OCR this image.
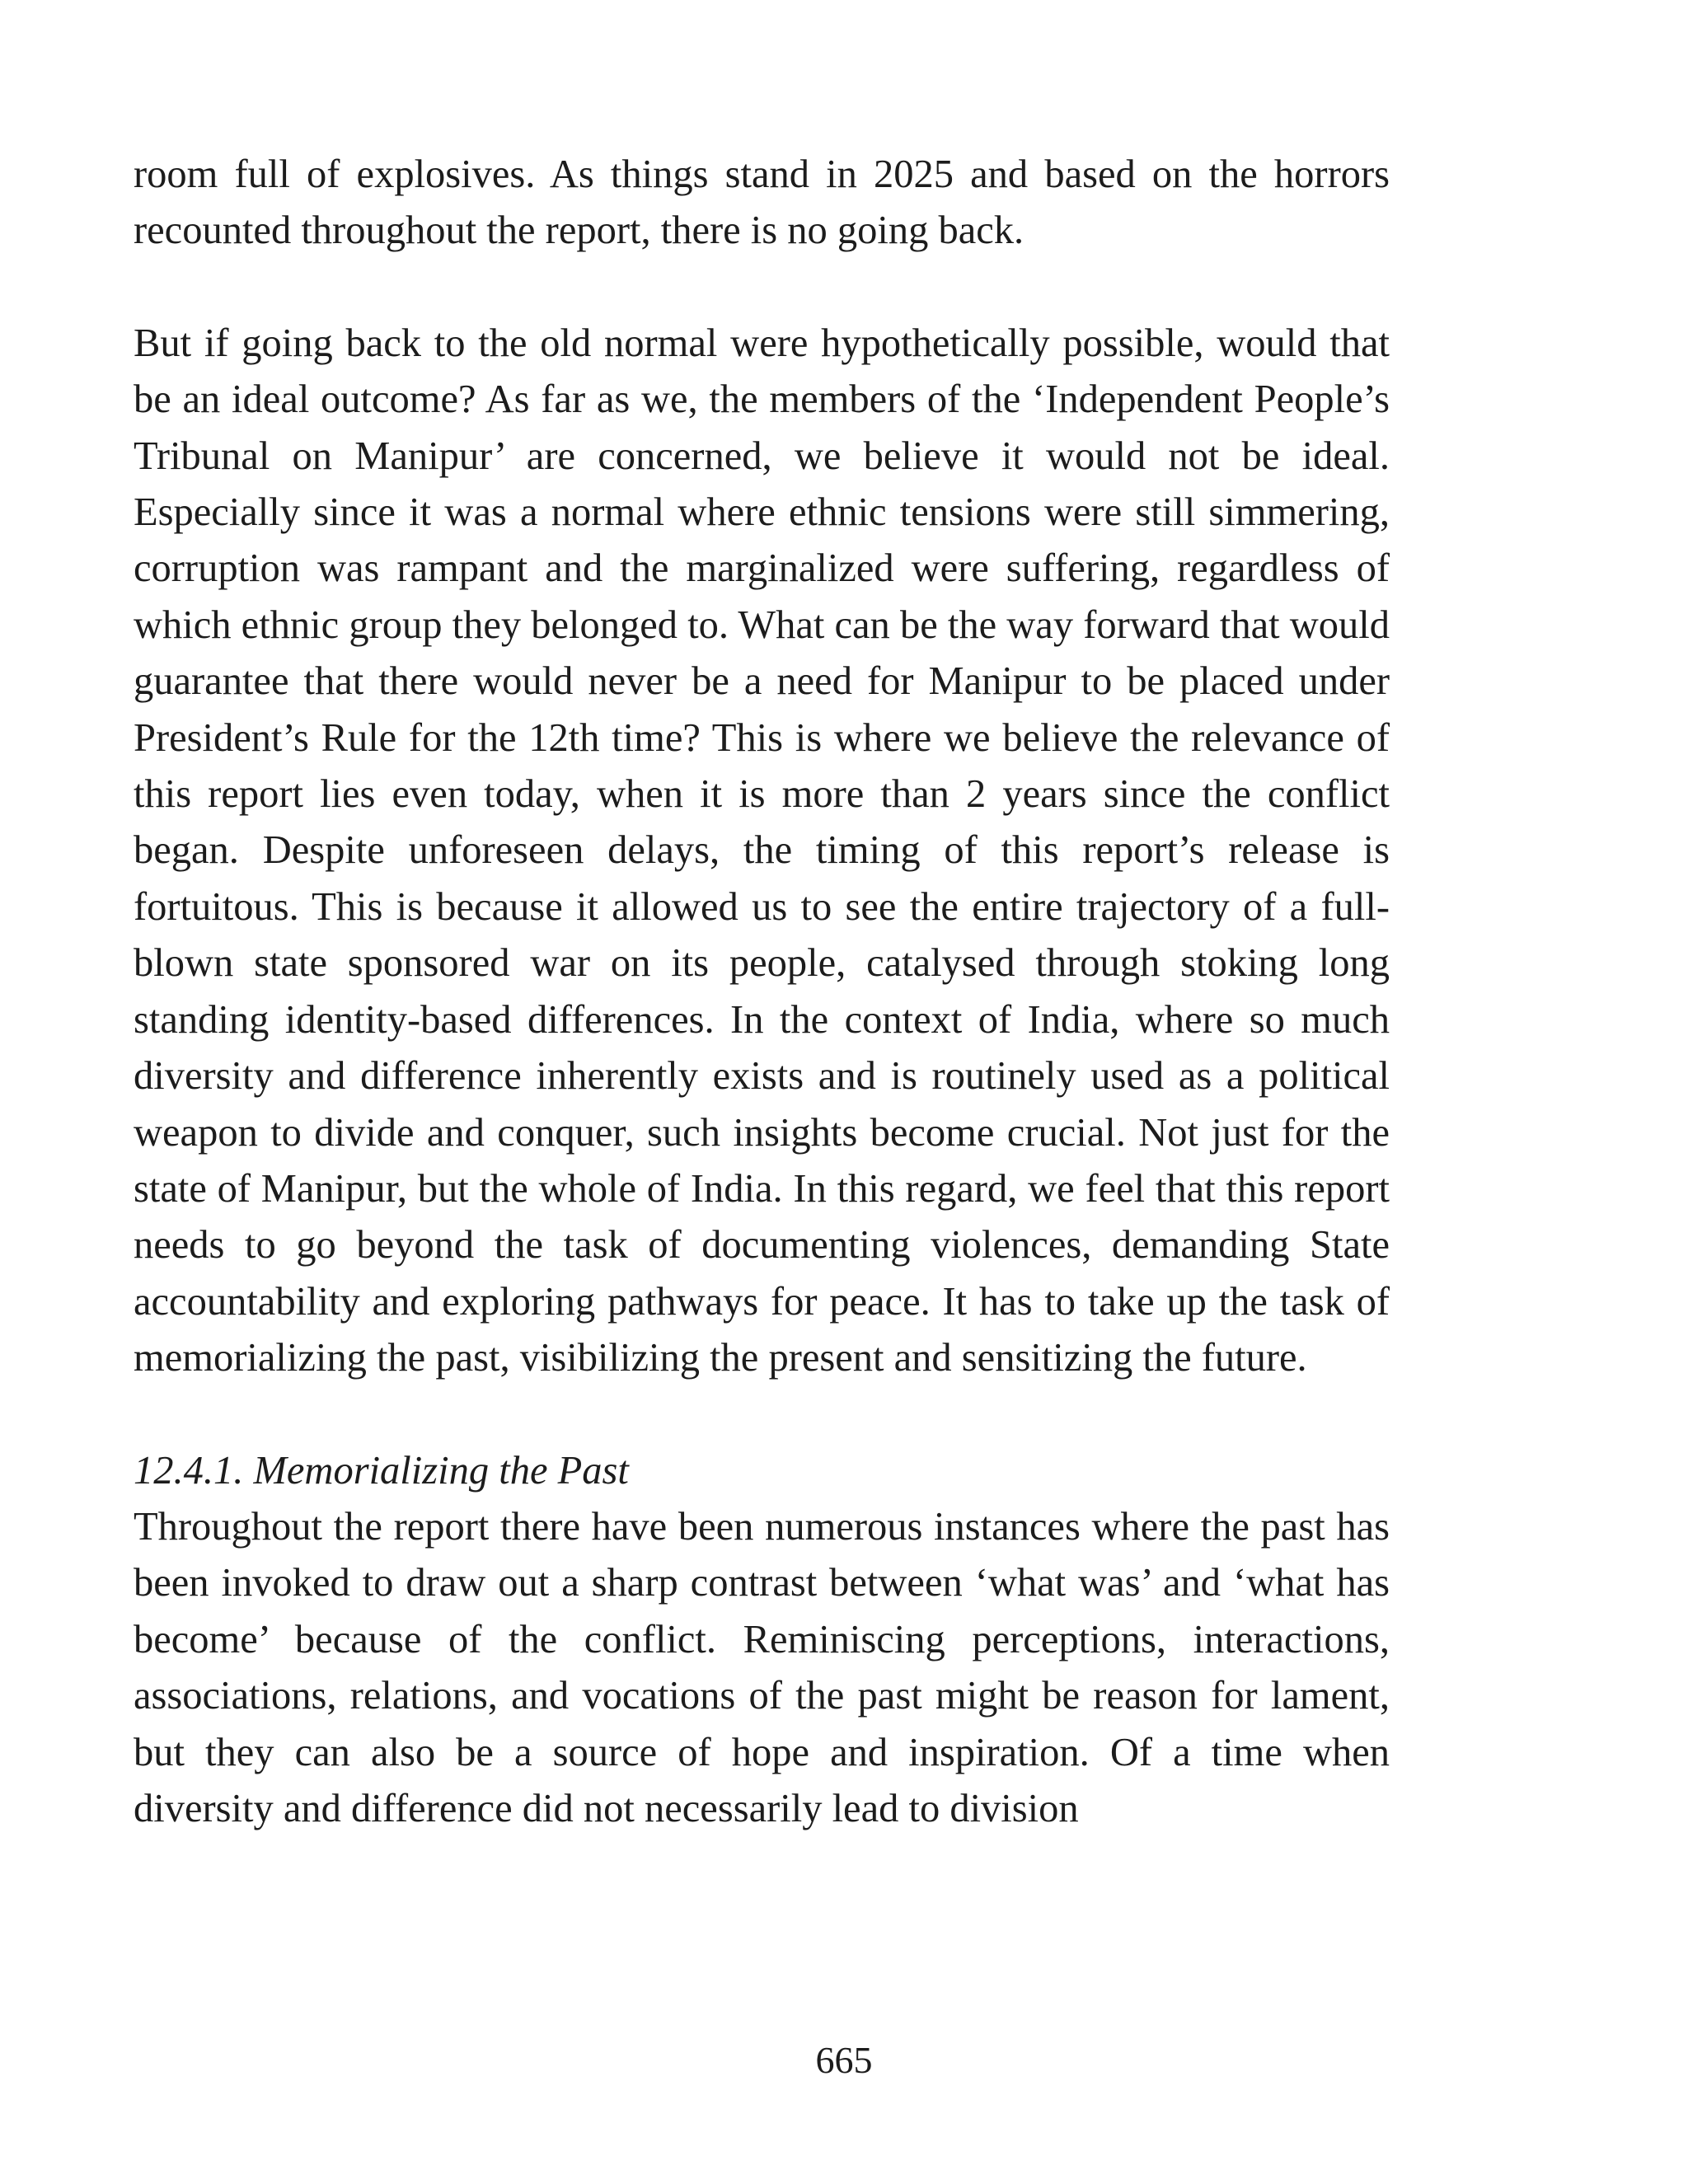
room full of explosives. As things stand in 2025 and based on the horrors recounted throughout the report, there is no going back.

But if going back to the old normal were hypothetically possible, would that be an ideal outcome? As far as we, the members of the ‘Independent People’s Tribunal on Manipur’ are concerned, we believe it would not be ideal. Especially since it was a normal where ethnic tensions were still simmering, corruption was rampant and the marginalized were suffering, regardless of which ethnic group they belonged to. What can be the way forward that would guarantee that there would never be a need for Manipur to be placed under President’s Rule for the 12th time? This is where we believe the relevance of this report lies even today, when it is more than 2 years since the conflict began. Despite unforeseen delays, the timing of this report’s release is fortuitous. This is because it allowed us to see the entire trajectory of a full-blown state sponsored war on its people, catalysed through stoking long standing identity-based differences. In the context of India, where so much diversity and difference inherently exists and is routinely used as a political weapon to divide and conquer, such insights become crucial. Not just for the state of Manipur, but the whole of India. In this regard, we feel that this report needs to go beyond the task of documenting violences, demanding State accountability and exploring pathways for peace. It has to take up the task of memorializing the past, visibilizing the present and sensitizing the future.

12.4.1. Memorializing the Past

Throughout the report there have been numerous instances where the past has been invoked to draw out a sharp contrast between ‘what was’ and ‘what has become’ because of the conflict. Reminiscing perceptions, interactions, associations, relations, and vocations of the past might be reason for lament, but they can also be a source of hope and inspiration. Of a time when diversity and difference did not necessarily lead to division

665
